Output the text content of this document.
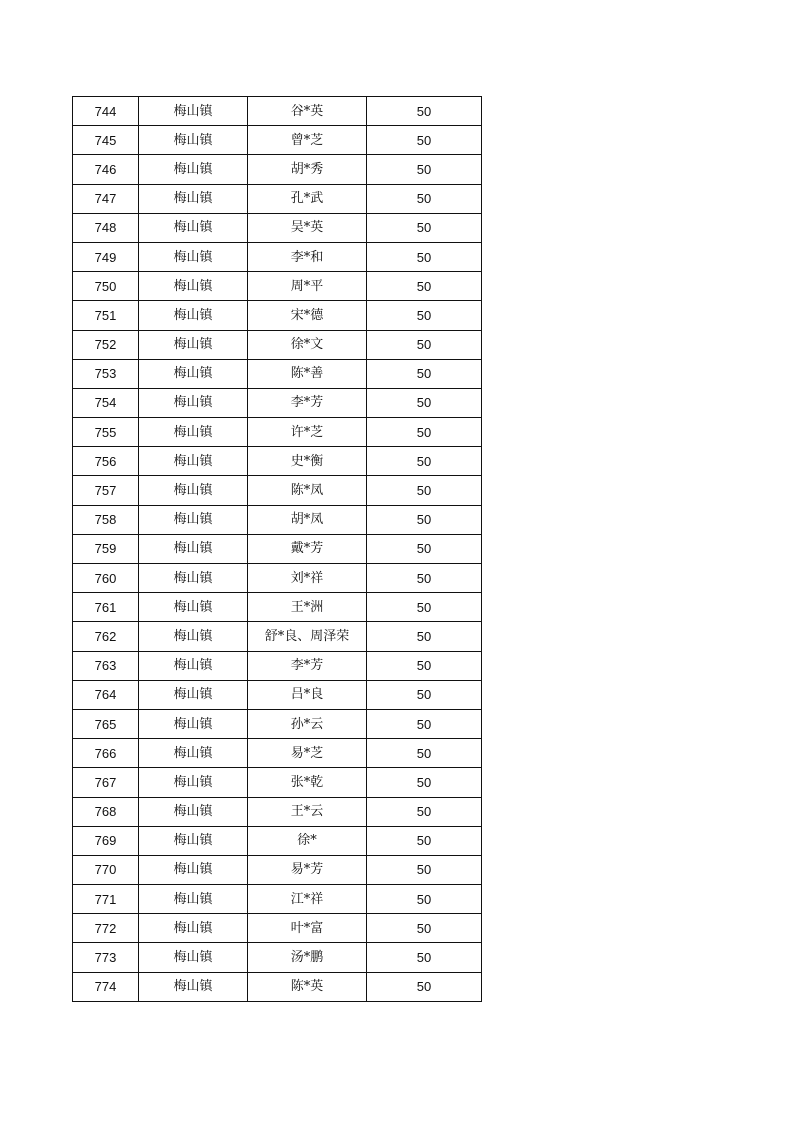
744	梅山镇	谷*英	50
745	梅山镇	曾*芝	50
746	梅山镇	胡*秀	50
747	梅山镇	孔*武	50
748	梅山镇	吴*英	50
749	梅山镇	李*和	50
750	梅山镇	周*平	50
751	梅山镇	宋*德	50
752	梅山镇	徐*文	50
753	梅山镇	陈*善	50
754	梅山镇	李*芳	50
755	梅山镇	许*芝	50
756	梅山镇	史*衡	50
757	梅山镇	陈*凤	50
758	梅山镇	胡*凤	50
759	梅山镇	戴*芳	50
760	梅山镇	刘*祥	50
761	梅山镇	王*洲	50
762	梅山镇	舒*良、周泽荣	50
763	梅山镇	李*芳	50
764	梅山镇	吕*良	50
765	梅山镇	孙*云	50
766	梅山镇	易*芝	50
767	梅山镇	张*乾	50
768	梅山镇	王*云	50
769	梅山镇	徐*	50
770	梅山镇	易*芳	50
771	梅山镇	江*祥	50
772	梅山镇	叶*富	50
773	梅山镇	汤*鹏	50
774	梅山镇	陈*英	50
